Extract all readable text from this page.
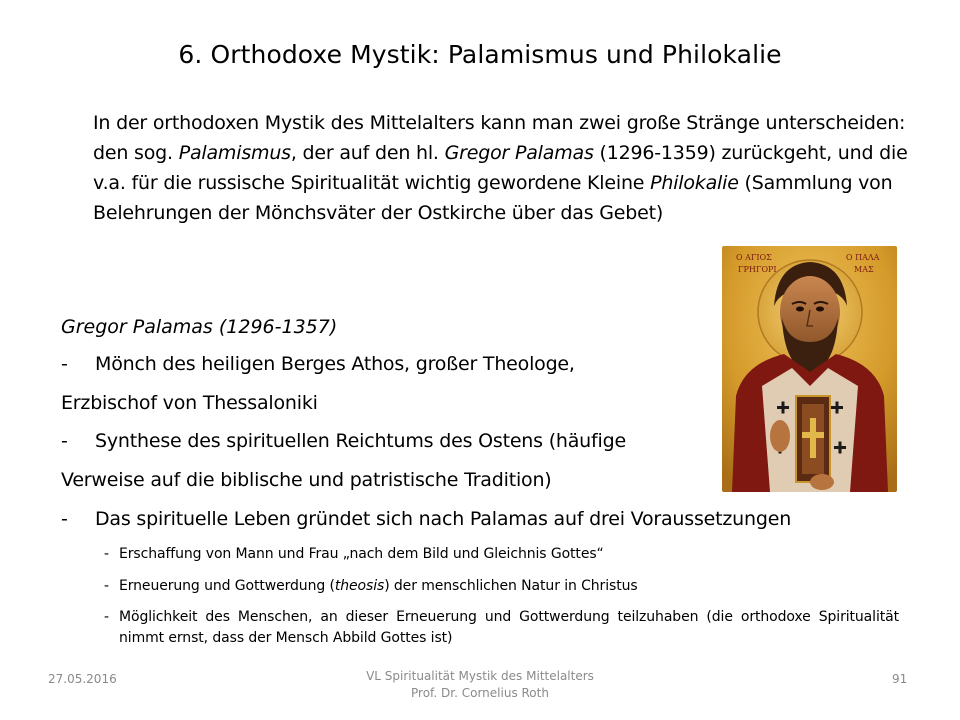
6. Orthodoxe Mystik: Palamismus und Philokalie
In der orthodoxen Mystik des Mittelalters kann man zwei große Stränge unterscheiden: den sog. Palamismus, der auf den hl. Gregor Palamas (1296-1359) zurückgeht, und die v.a. für die russische Spiritualität wichtig gewordene Kleine Philokalie (Sammlung von Belehrungen der Mönchsväter der Ostkirche über das Gebet)
Gregor Palamas (1296-1357)
- Mönch des heiligen Berges Athos, großer Theologe,
Erzbischof von Thessaloniki
- Synthese des spirituellen Reichtums des Ostens (häufige
Verweise auf die biblische und patristische Tradition)
- Das spirituelle Leben gründet sich nach Palamas auf drei Voraussetzungen
- Erschaffung von Mann und Frau „nach dem Bild und Gleichnis Gottes“
- Erneuerung und Gottwerdung (theosis) der menschlichen Natur in Christus
- Möglichkeit des Menschen, an dieser Erneuerung und Gottwerdung teilzuhaben (die orthodoxe Spiritualität nimmt ernst, dass der Mensch Abbild Gottes ist)
Ο ΑΓΙΟΣ
ΓΡΗΓΟΡΙ
Ο ΠΑΛΑ
ΜΑΣ
27.05.2016	VL Spiritualität Mystik des Mittelalters
Prof. Dr. Cornelius Roth
91
